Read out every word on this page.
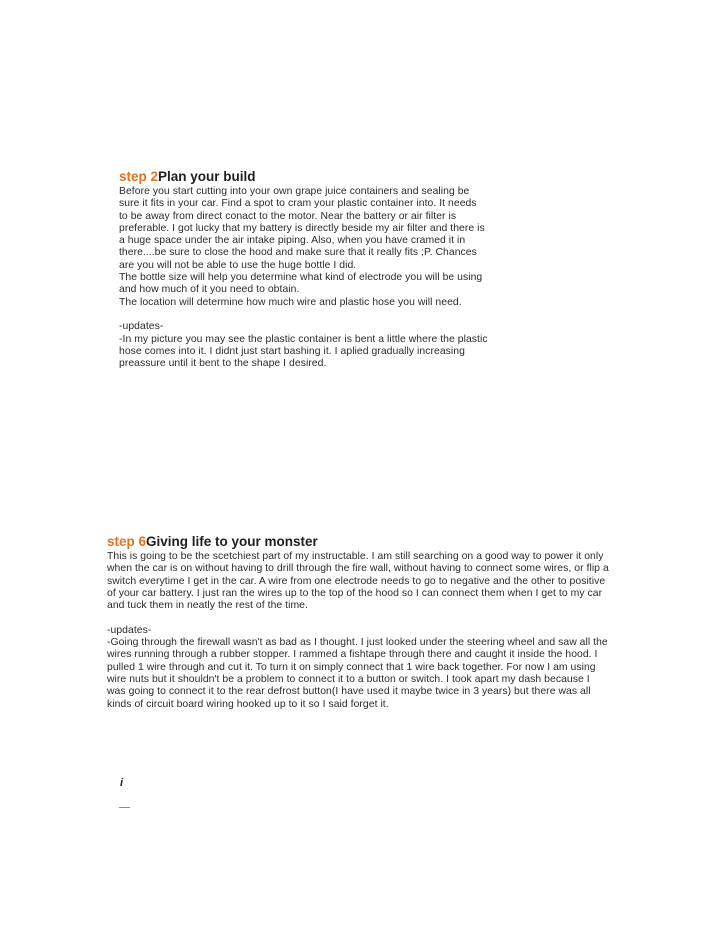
step 2Plan your build
Before you start cutting into your own grape juice containers and sealing be
sure it fits in your car. Find a spot to cram your plastic container into. It needs
to be away from direct conact to the motor. Near the battery or air filter is
preferable. I got lucky that my battery is directly beside my air filter and there is
a huge space under the air intake piping. Also, when you have cramed it in
there....be sure to close the hood and make sure that it really fits ;P. Chances
are you will not be able to use the huge bottle I did.
The bottle size will help you determine what kind of electrode you will be using
and how much of it you need to obtain.
The location will determine how much wire and plastic hose you will need.
-updates-
-In my picture you may see the plastic container is bent a little where the plastic
hose comes into it. I didnt just start bashing it. I aplied gradually increasing
preassure until it bent to the shape I desired.
step 6Giving life to your monster
This is going to be the scetchiest part of my instructable. I am still searching on a good way to power it only
when the car is on without having to drill through the fire wall, without having to connect some wires, or flip a
switch everytime I get in the car. A wire from one electrode needs to go to negative and the other to positive
of your car battery. I just ran the wires up to the top of the hood so I can connect them when I get to my car
and tuck them in neatly the rest of the time.
-updates-
-Going through the firewall wasn't as bad as I thought. I just looked under the steering wheel and saw all the
wires running through a rubber stopper. I rammed a fishtape through there and caught it inside the hood. I
pulled 1 wire through and cut it. To turn it on simply connect that 1 wire back together. For now I am using
wire nuts but it shouldn't be a problem to connect it to a button or switch. I took apart my dash because I
was going to connect it to the rear defrost button(I have used it maybe twice in 3 years) but there was all
kinds of circuit board wiring hooked up to it so I said forget it.
i
